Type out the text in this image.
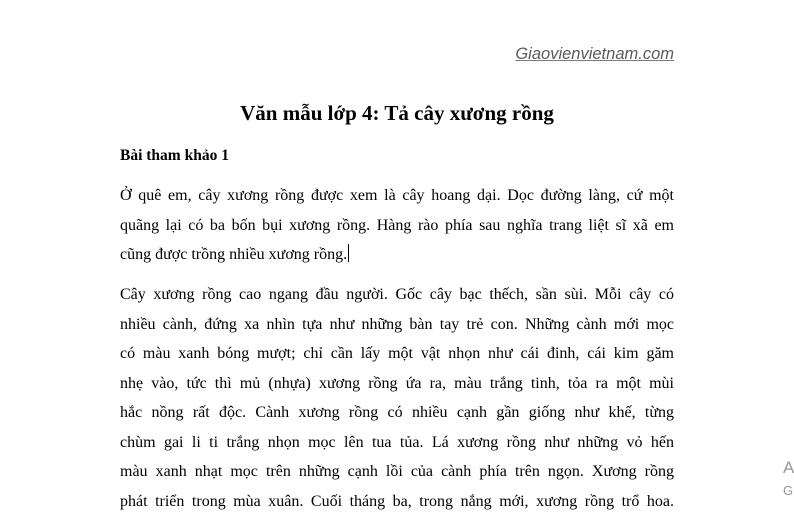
Giaovienvietnam.com
Văn mẫu lớp 4: Tả cây xương rồng
Bài tham khảo 1
Ở quê em, cây xương rồng được xem là cây hoang dại. Dọc đường làng, cứ một
quãng lại có ba bốn bụi xương rồng. Hàng rào phía sau nghĩa trang liệt sĩ xã em
cũng được trồng nhiều xương rồng.
Cây xương rồng cao ngang đầu người. Gốc cây bạc thếch, sần sùi. Mỗi cây có
nhiều cành, đứng xa nhìn tựa như những bàn tay trẻ con. Những cành mới mọc
có màu xanh bóng mượt; chỉ cần lấy một vật nhọn như cái đinh, cái kim găm
nhẹ vào, tức thì mủ (nhựa) xương rồng ứa ra, màu trắng tinh, tỏa ra một mùi
hắc nồng rất độc. Cành xương rồng có nhiều cạnh gần giống như khế, từng
chùm gai li ti trắng nhọn mọc lên tua tủa. Lá xương rồng như những vỏ hến
màu xanh nhạt mọc trên những cạnh lồi của cành phía trên ngọn. Xương rồng
phát triển trong mùa xuân. Cuối tháng ba, trong nắng mới, xương rồng trổ hoa.
A
G
